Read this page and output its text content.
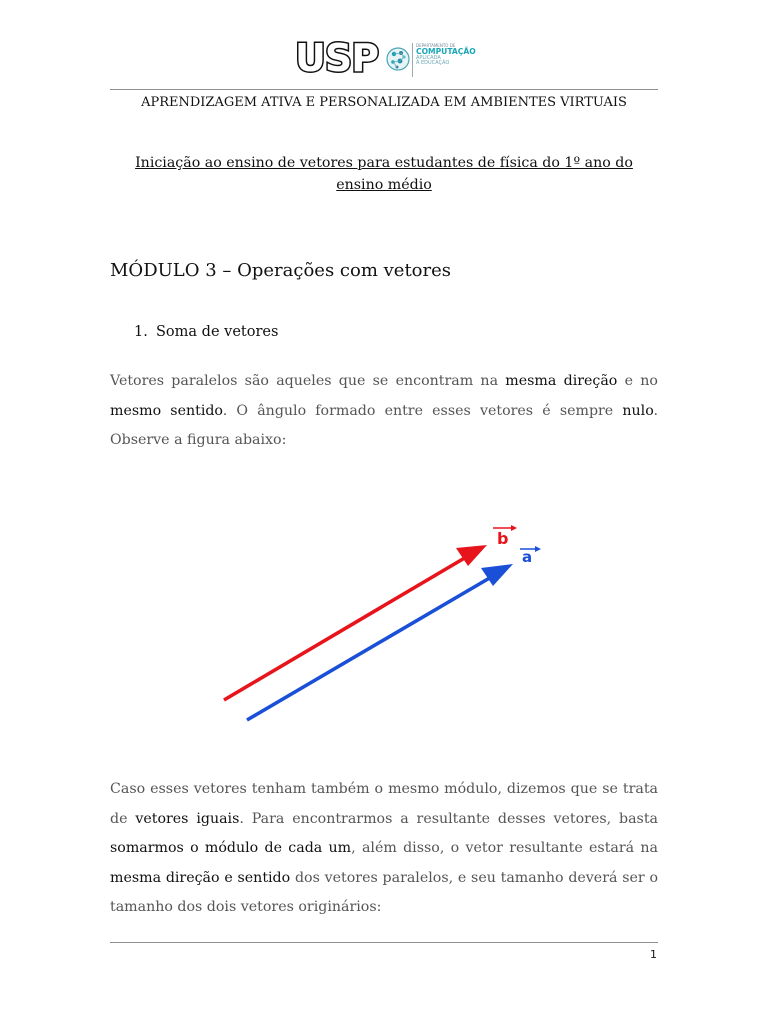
USP	DEPARTAMENTO DE
COMPUTAÇÃO
APLICADA
À EDUCAÇÃO
APRENDIZAGEM ATIVA E PERSONALIZADA EM AMBIENTES VIRTUAIS
Iniciação ao ensino de vetores para estudantes de física do 1º ano do
ensino médio
MÓDULO 3 – Operações com vetores
1. Soma de vetores
Vetores paralelos são aqueles que se encontram na mesma direção e no mesmo sentido. O ângulo formado entre esses vetores é sempre nulo. Observe a figura abaixo:
b
a
Caso esses vetores tenham também o mesmo módulo, dizemos que se trata de vetores iguais. Para encontrarmos a resultante desses vetores, basta somarmos o módulo de cada um, além disso, o vetor resultante estará na mesma direção e sentido dos vetores paralelos, e seu tamanho deverá ser o tamanho dos dois vetores originários:
1
